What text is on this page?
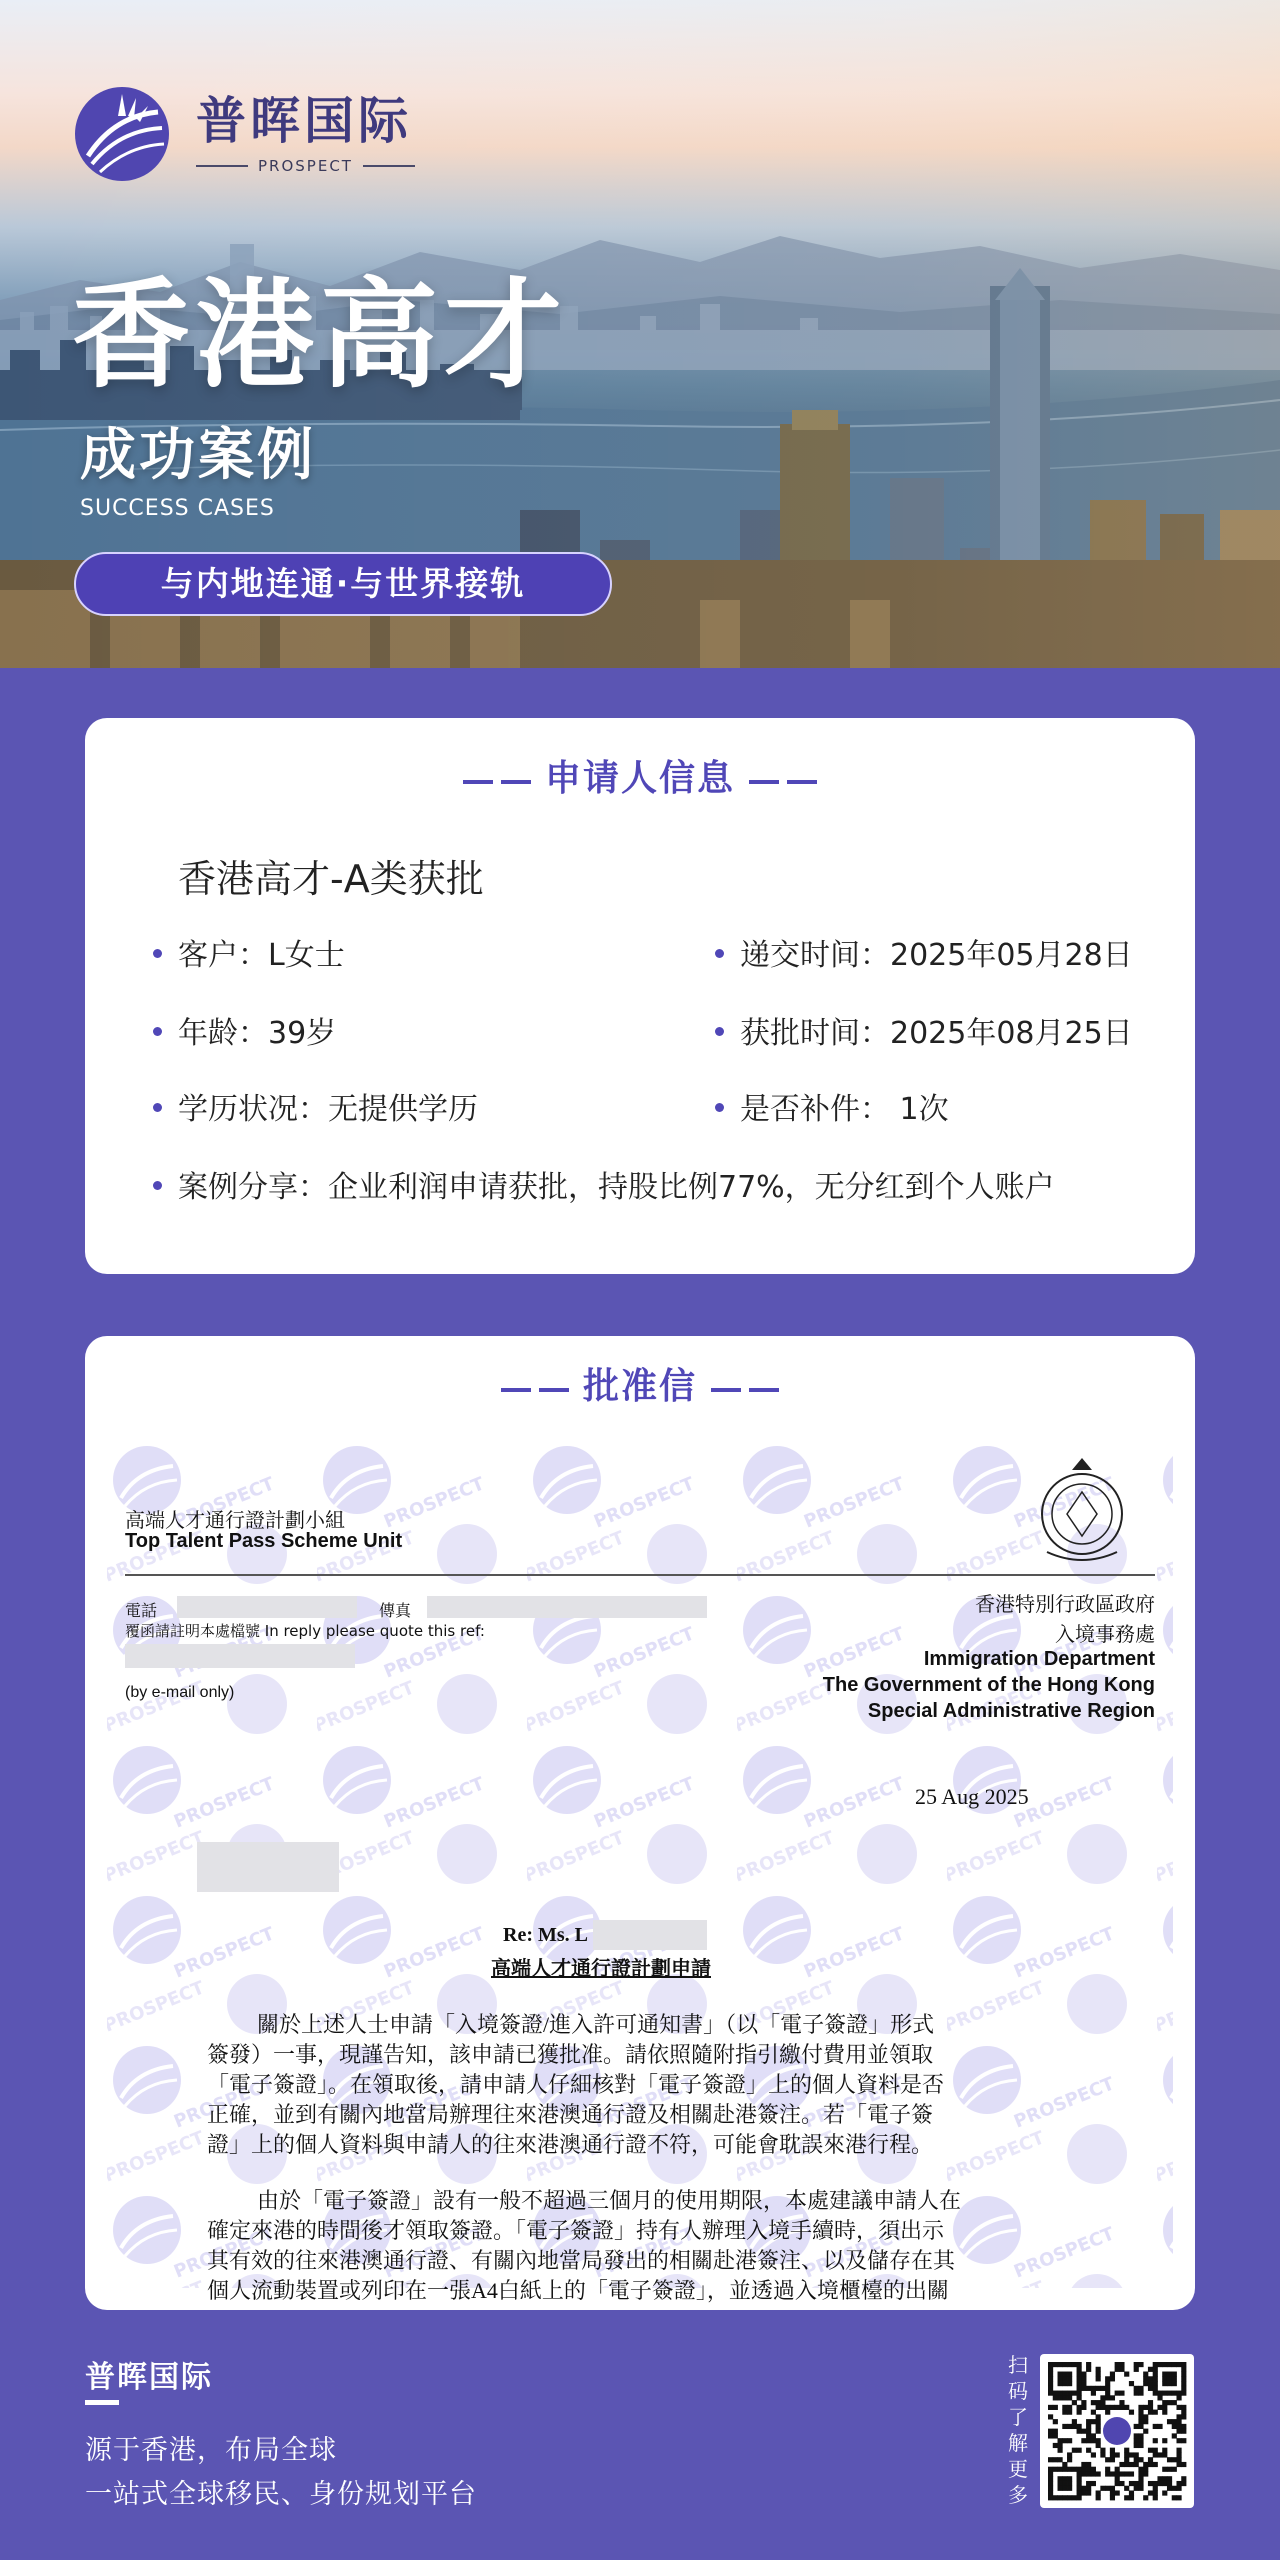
普晖国际
PROSPECT
香港高才
成功案例
SUCCESS CASES
与内地连通·与世界接轨
申请人信息
香港高才-A类获批
客户：L女士	递交时间：2025年05月28日
年龄：39岁	获批时间：2025年08月25日
学历状况：无提供学历	是否补件： 1次
案例分享：企业利润申请获批，持股比例77%，无分红到个人账户
批准信
高端人才通行證計劃小組
Top Talent Pass Scheme Unit
電話	傳真
覆函請註明本處檔號 In reply please quote this ref:
(by e-mail only)
香港特別行政區政府
入境事務處
Immigration Department
The Government of the Hong Kong
Special Administrative Region
25 Aug 2025
Re: Ms. L
高端人才通行證計劃申請
關於上述人士申請「入境簽證/進入許可通知書」（以「電子簽證」形式
簽發）一事，現謹告知，該申請已獲批准。請依照隨附指引繳付費用並領取
「電子簽證」。在領取後，請申請人仔細核對「電子簽證」上的個人資料是否
正確，並到有關內地當局辦理往來港澳通行證及相關赴港簽注。若「電子簽
證」上的個人資料與申請人的往來港澳通行證不符，可能會耽誤來港行程。
由於「電子簽證」設有一般不超過三個月的使用期限，本處建議申請人在
確定來港的時間後才領取簽證。「電子簽證」持有人辦理入境手續時，須出示
其有效的往來港澳通行證、有關內地當局發出的相關赴港簽注、以及儲存在其
個人流動裝置或列印在一張A4白紙上的「電子簽證」，並透過入境櫃檯的出關
普晖国际
源于香港，布局全球
一站式全球移民、身份规划平台
扫码了解更多
